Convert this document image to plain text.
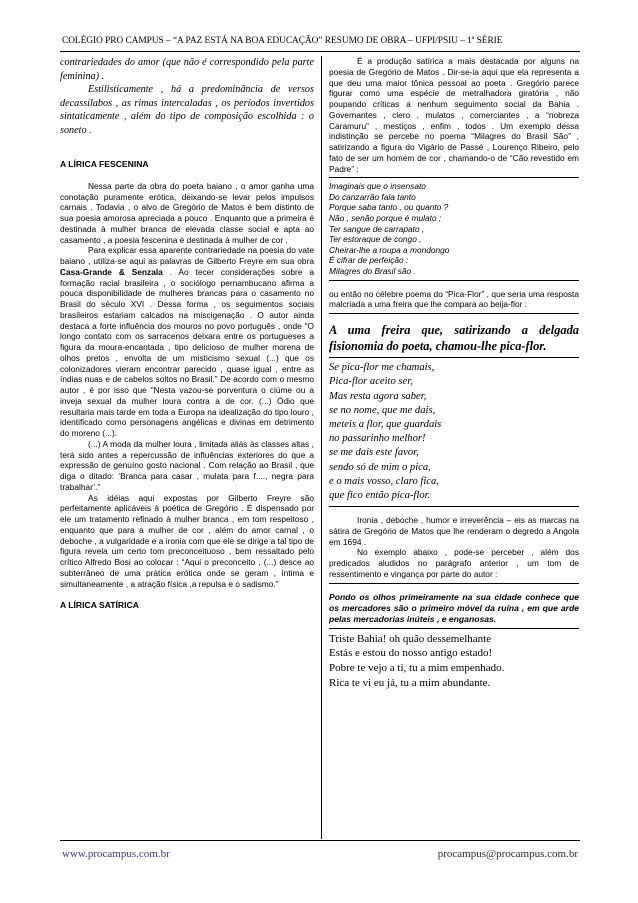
COLÉGIO PRO CAMPUS – “A PAZ ESTÁ NA BOA EDUCAÇÃO” RESUMO DE OBRA – UFPI/PSIU – 1ª SÉRIE

contrariedades do amor (que não é correspondido pela parte feminina) .

Estilisticamente , há a predominância de versos decassílabos , as rimas intercaladas , os períodos invertidos sintaticamente , além do tipo de composição escolhida : o soneto .

A LÍRICA FESCENINA

Nessa parte da obra do poeta baiano , o amor ganha uma conotação puramente erótica, deixando-se levar pelos impulsos carnais . Todavia , o alvo de Gregório de Matos é bem distinto de sua poesia amorosa apreciada a pouco . Enquanto que a primeira é destinada à mulher branca de elevada classe social e apta ao casamento , a poesia fescenina é destinada à mulher de cor .

Para explicar essa aparente contrariedade na poesia do vate baiano , utiliza-se aqui as palavras de Gilberto Freyre em sua obra Casa-Grande & Senzala . Ao tecer considerações sobre a formação racial brasileira , o sociólogo pernambucano afirma a pouca disponibilidade de mulheres brancas para o casamento no Brasil do século XVI . Dessa forma , os seguimentos sociais brasileiros estariam calcados na miscigenação . O autor ainda destaca a forte influência dos mouros no povo português , onde “O longo contato com os sarracenos deixara entre os portugueses a figura da moura-encantada , tipo delicioso de mulher morena de olhos pretos , envolta de um misticismo sexual (...) que os colonizadores vieram encontrar parecido , quase igual , entre as índias nuas e de cabelos soltos no Brasil.” De acordo com o mesmo autor , é por isso que “Nesta vazou-se porventura o ciúme ou a inveja sexual da mulher loura contra a de cor. (...) Ódio que resultaria mais tarde em toda a Europa na idealização do tipo louro , identificado como personagens angélicas e divinas em detrimento do moreno (...).

(...) A moda da mulher loura , limitada aliás às classes altas , terá sido antes a repercussão de influências exteriores do que a expressão de genuíno gosto nacional . Com relação ao Brasil , que diga o ditado: ‘Branca para casar , mulata para f...., negra para trabalhar’.”

As idéias aqui expostas por Gilberto Freyre são perfeitamente aplicáveis à poética de Gregório . É dispensado por ele um tratamento refinado à mulher branca , em tom respeitoso , enquanto que para a mulher de cor , além do amor carnal , o deboche , a vulgaridade e a ironia com que ele se dirige a tal tipo de figura revela um certo tom preconceituoso , bem ressaltado pelo crítico Alfredo Bosi ao colocar : “Aqui o preconceito , (...) desce ao subterrâneo de uma prática erótica onde se geram , íntima e simultaneamente , a atração física ,a repulsa e o sadismo.”

A LÍRICA SATÍRICA

É a produção satírica a mais destacada por alguns na poesia de Gregório de Matos . Dir-se-ia aqui que ela representa a que deu uma maior tônica pessoal ao poeta . Gregório parece figurar como uma espécie de metralhadora giratória , não poupando críticas a nenhum seguimento social da Bahia . Governantes , clero , mulatos , comerciantes , a “nobreza Caramuru” , mestiços , enfim , todos . Um exemplo dessa indistinção se percebe no poema “Milagres do Brasil São” , satirizando a figura do Vigário de Passé , Lourenço Ribeiro, pelo fato de ser um homem de cor , chamando-o de “Cão revestido em Padre” :

Imaginais que o insensato
Do canzarrão fala tanto
Porque saba tanto , ou quanto ?
Não , senão porque é mulato ;
Ter sangue de carrapato ,
Ter estoraque de congo ,
Cheirar-lhe a roupa a mondongo
É cifrar de perfeição :
Milagres do Brasil são .

ou então no célebre poema do “Pica-Flor” , que seria uma resposta malcriada a uma freira que lhe compara ao beija-flor :

A uma freira que, satirizando a delgada fisionomia do poeta, chamou-lhe pica-flor.

Se pica-flor me chamais,
Pica-flor aceito ser,
Mas resta agora saber,
se no nome, que me dais,
meteis a flor, que guardais
no passarinho melhor!
se me dais este favor,
sendo só de mim o pica,
e o mais vosso, claro fica,
que fico então pica-flor.

Ironia , deboche , humor e irreverência – eis as marcas na sátira de Gregório de Matos que lhe renderam o degredo a Angola em 1694 .

No exemplo abaixo , pode-se perceber , além dos predicados aludidos no parágrafo anterior , um tom de ressentimento e vingança por parte do autor :

Pondo os olhos primeiramente na sua cidade conhece que os mercadores são o primeiro móvel da ruína , em que arde pelas mercadorias inúteis , e enganosas.

Triste Bahia! oh quão dessemelhante
Estás e estou do nosso antigo estado!
Pobre te vejo a ti, tu a mim empenhado.
Rica te vi eu já, tu a mim abundante.
www.procampus.com.br	procampus@procampus.com.br
